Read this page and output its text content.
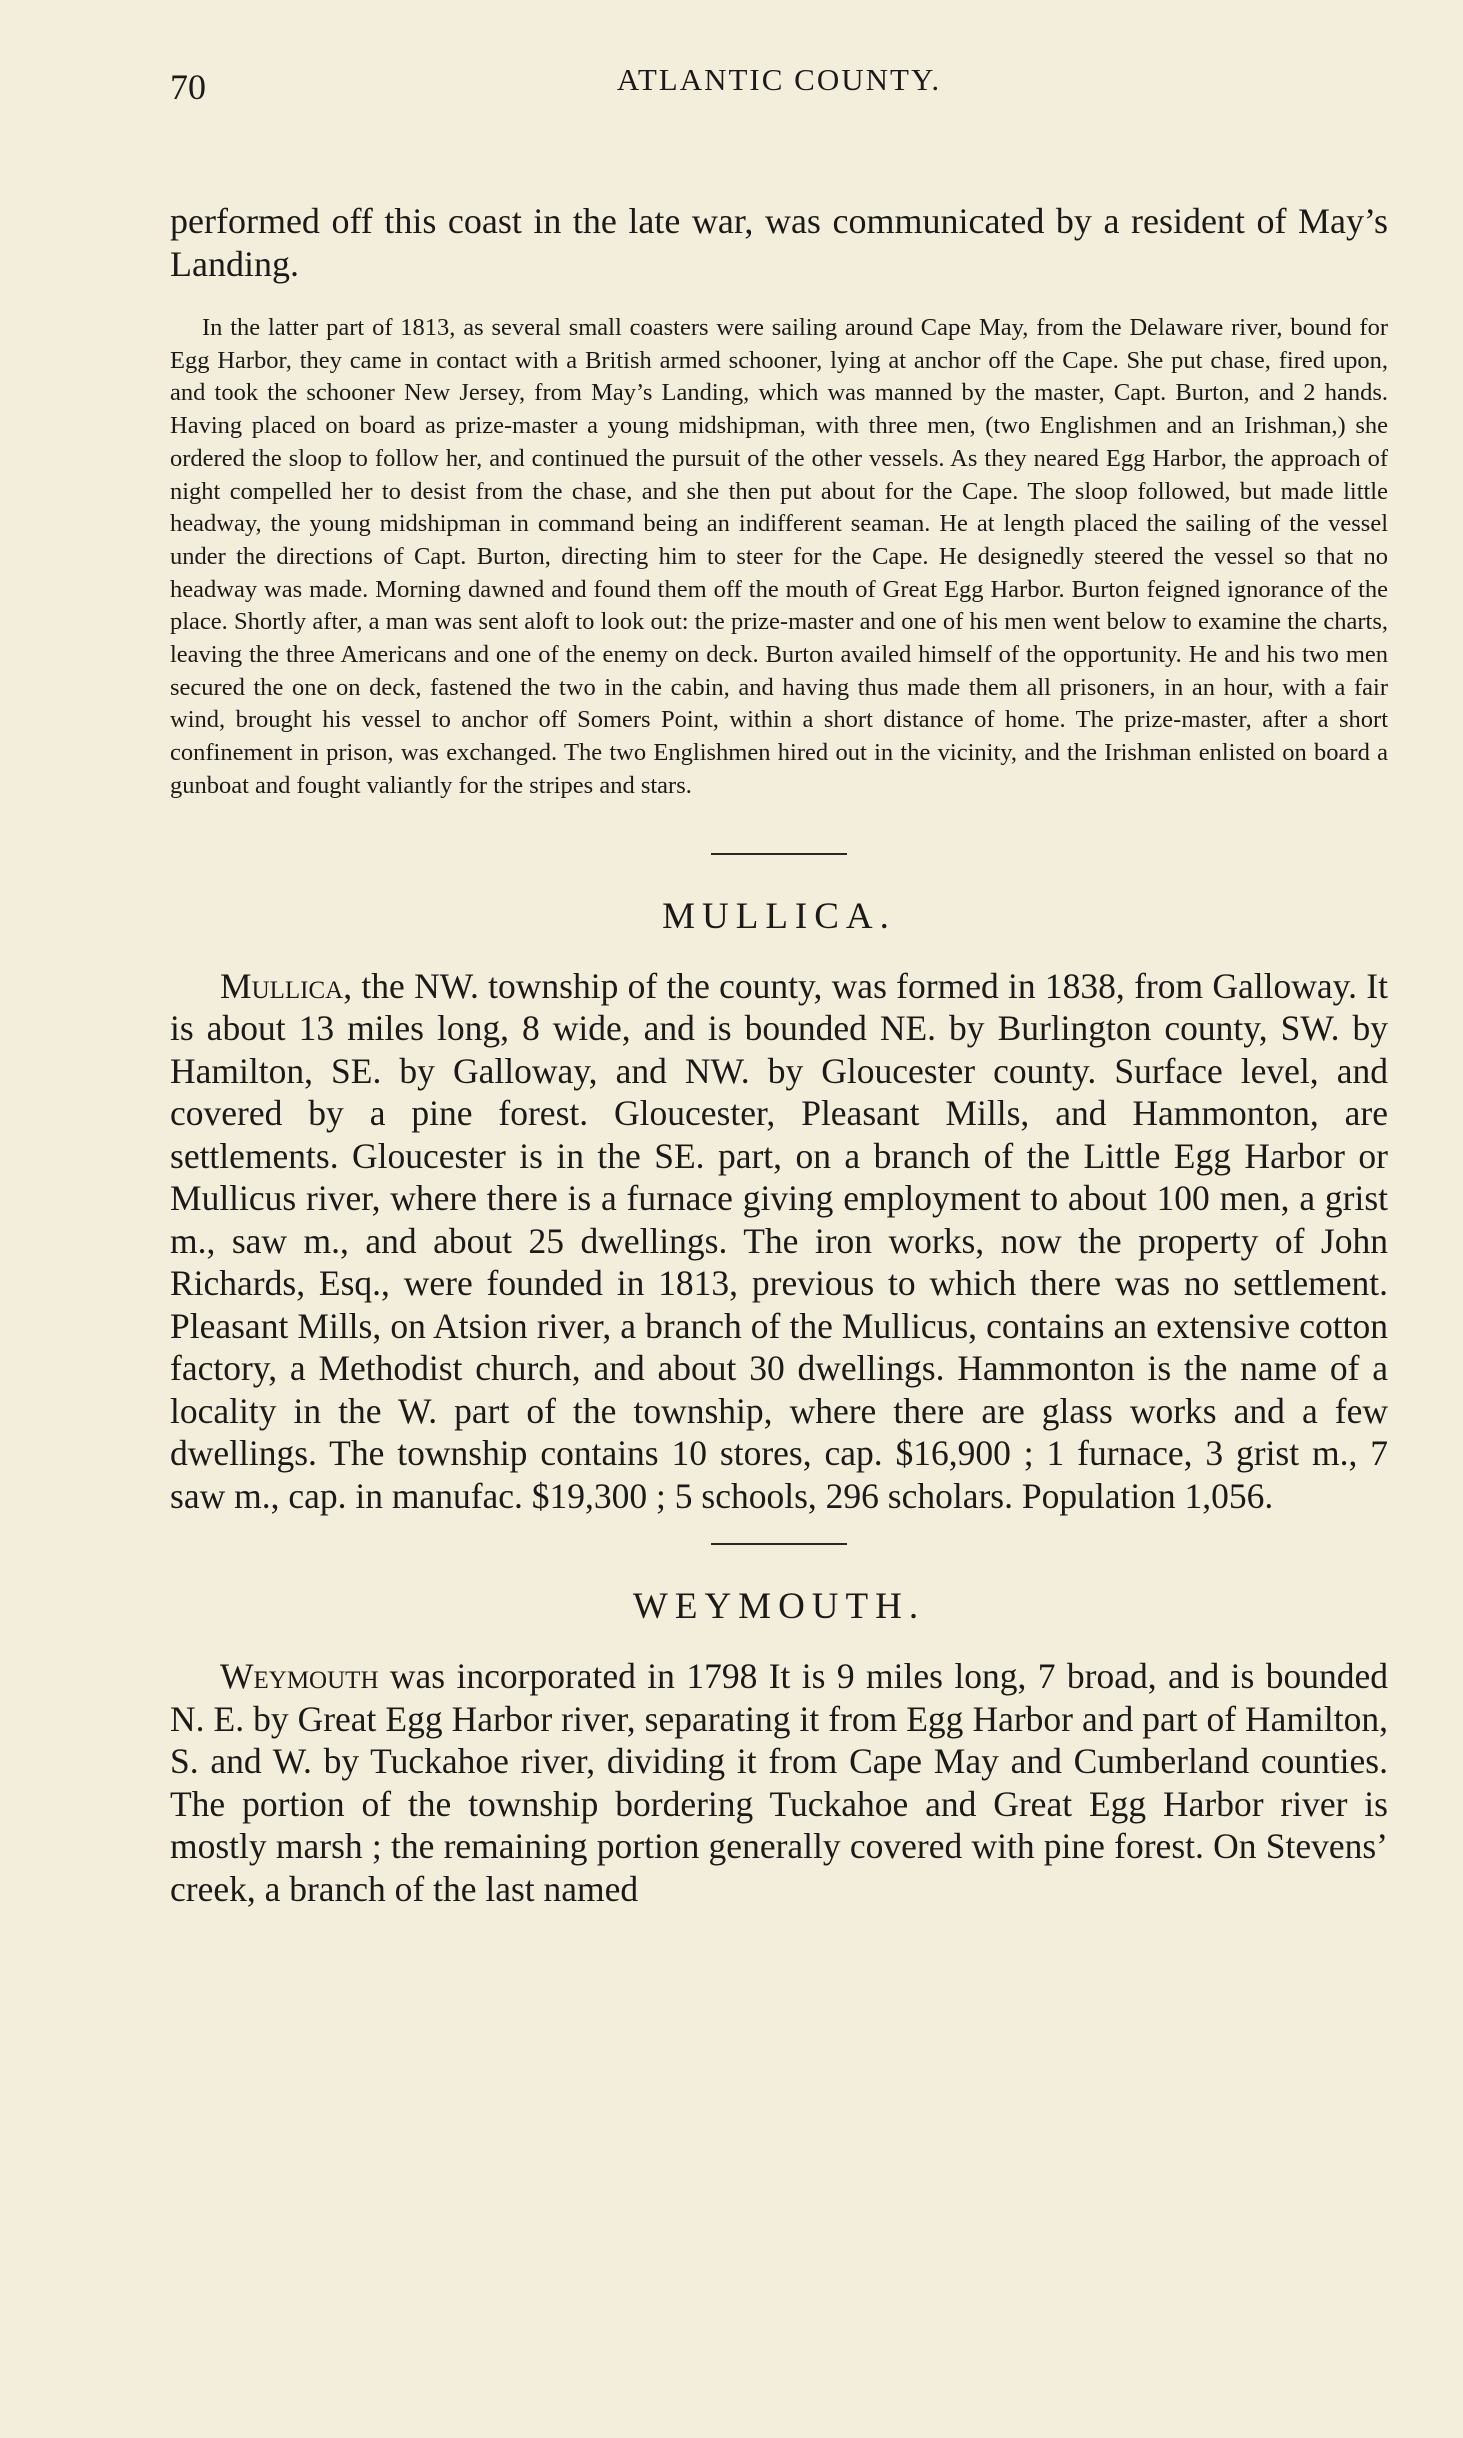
70	ATLANTIC COUNTY.

performed off this coast in the late war, was communicated by a resident of May’s Landing.

In the latter part of 1813, as several small coasters were sailing around Cape May, from the Delaware river, bound for Egg Harbor, they came in contact with a British armed schooner, lying at anchor off the Cape. She put chase, fired upon, and took the schooner New Jersey, from May’s Landing, which was manned by the master, Capt. Burton, and 2 hands. Having placed on board as prize-master a young midshipman, with three men, (two Englishmen and an Irishman,) she ordered the sloop to follow her, and continued the pursuit of the other vessels. As they neared Egg Harbor, the approach of night compelled her to desist from the chase, and she then put about for the Cape. The sloop followed, but made little headway, the young midshipman in command being an indifferent seaman. He at length placed the sailing of the vessel under the directions of Capt. Burton, directing him to steer for the Cape. He designedly steered the vessel so that no headway was made. Morning dawned and found them off the mouth of Great Egg Harbor. Burton feigned ignorance of the place. Shortly after, a man was sent aloft to look out: the prize-master and one of his men went below to examine the charts, leaving the three Americans and one of the enemy on deck. Burton availed himself of the opportunity. He and his two men secured the one on deck, fastened the two in the cabin, and having thus made them all prisoners, in an hour, with a fair wind, brought his vessel to anchor off Somers Point, within a short distance of home. The prize-master, after a short confinement in prison, was exchanged. The two Englishmen hired out in the vicinity, and the Irishman enlisted on board a gunboat and fought valiantly for the stripes and stars.

MULLICA.

Mullica, the NW. township of the county, was formed in 1838, from Galloway. It is about 13 miles long, 8 wide, and is bounded NE. by Burlington county, SW. by Hamilton, SE. by Galloway, and NW. by Gloucester county. Surface level, and covered by a pine forest. Gloucester, Pleasant Mills, and Hammonton, are settlements. Gloucester is in the SE. part, on a branch of the Little Egg Harbor or Mullicus river, where there is a furnace giving employment to about 100 men, a grist m., saw m., and about 25 dwellings. The iron works, now the property of John Richards, Esq., were founded in 1813, previous to which there was no settlement. Pleasant Mills, on Atsion river, a branch of the Mullicus, contains an extensive cotton factory, a Methodist church, and about 30 dwellings. Hammonton is the name of a locality in the W. part of the township, where there are glass works and a few dwellings. The township contains 10 stores, cap. $16,900 ; 1 furnace, 3 grist m., 7 saw m., cap. in manufac. $19,300 ; 5 schools, 296 scholars. Population 1,056.

WEYMOUTH.

Weymouth was incorporated in 1798 It is 9 miles long, 7 broad, and is bounded N. E. by Great Egg Harbor river, separating it from Egg Harbor and part of Hamilton, S. and W. by Tuckahoe river, dividing it from Cape May and Cumberland counties. The portion of the township bordering Tuckahoe and Great Egg Harbor river is mostly marsh ; the remaining portion generally covered with pine forest. On Stevens’ creek, a branch of the last named
